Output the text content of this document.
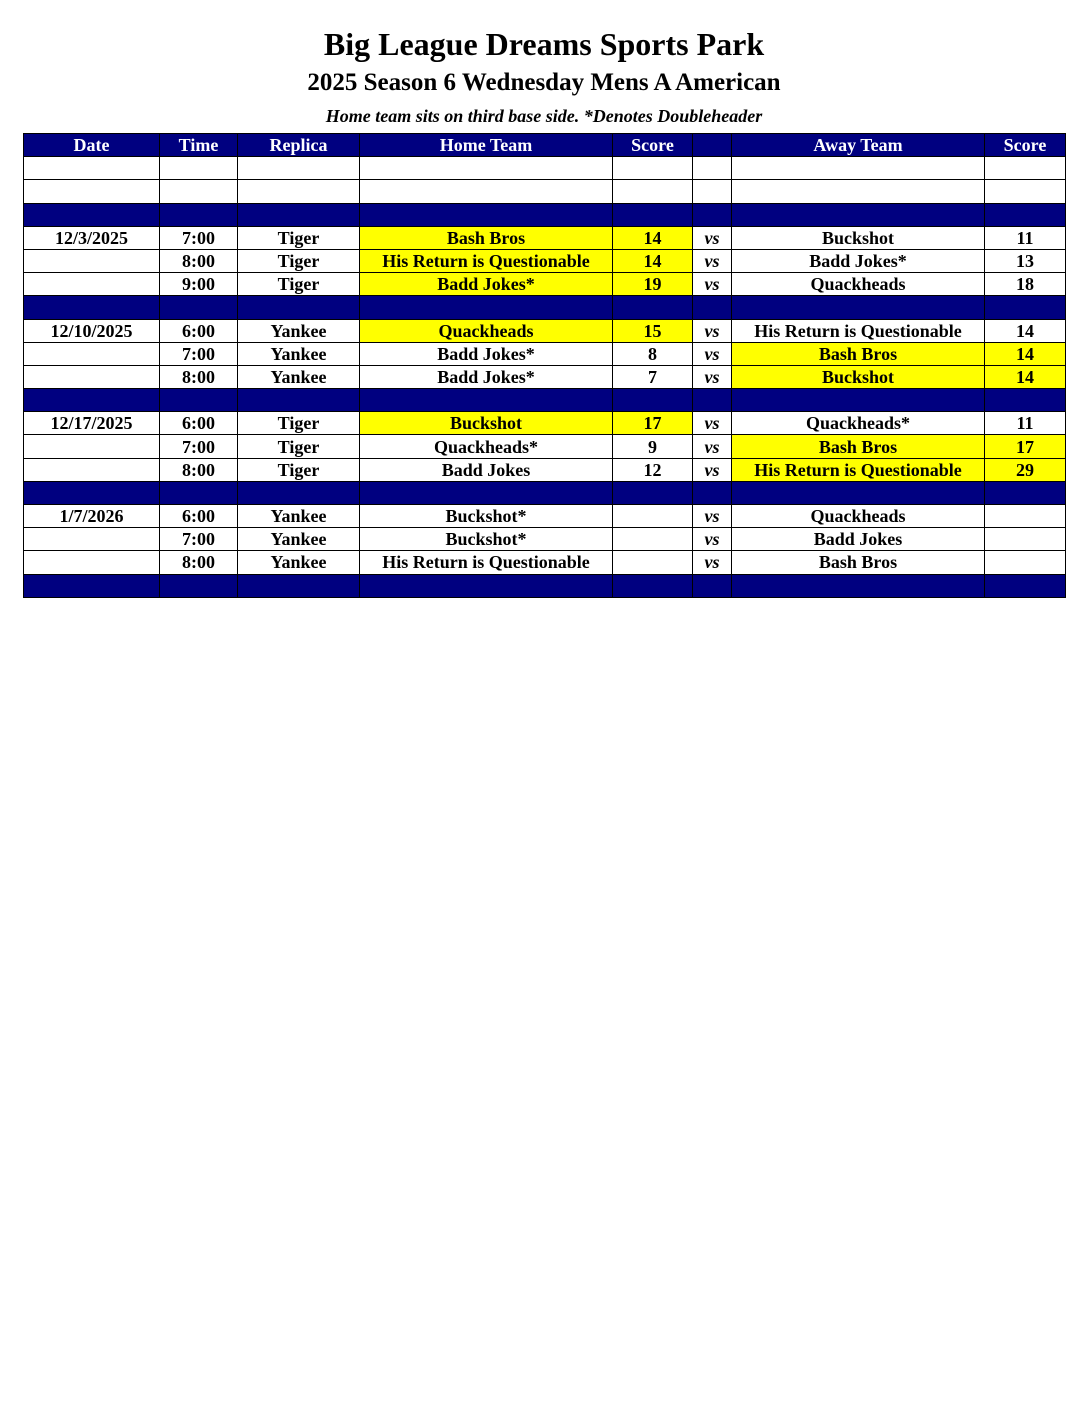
Big League Dreams Sports Park
2025 Season 6 Wednesday Mens A American
Home team sits on third base side. *Denotes Doubleheader
Date	Time	Replica	Home Team	Score		Away Team	Score

12/3/2025	7:00	Tiger	Bash Bros	14	vs	Buckshot	11
	8:00	Tiger	His Return is Questionable	14	vs	Badd Jokes*	13
	9:00	Tiger	Badd Jokes*	19	vs	Quackheads	18

12/10/2025	6:00	Yankee	Quackheads	15	vs	His Return is Questionable	14
	7:00	Yankee	Badd Jokes*	8	vs	Bash Bros	14
	8:00	Yankee	Badd Jokes*	7	vs	Buckshot	14

12/17/2025	6:00	Tiger	Buckshot	17	vs	Quackheads*	11
	7:00	Tiger	Quackheads*	9	vs	Bash Bros	17
	8:00	Tiger	Badd Jokes	12	vs	His Return is Questionable	29

1/7/2026	6:00	Yankee	Buckshot*		vs	Quackheads	
	7:00	Yankee	Buckshot*		vs	Badd Jokes	
	8:00	Yankee	His Return is Questionable		vs	Bash Bros	
